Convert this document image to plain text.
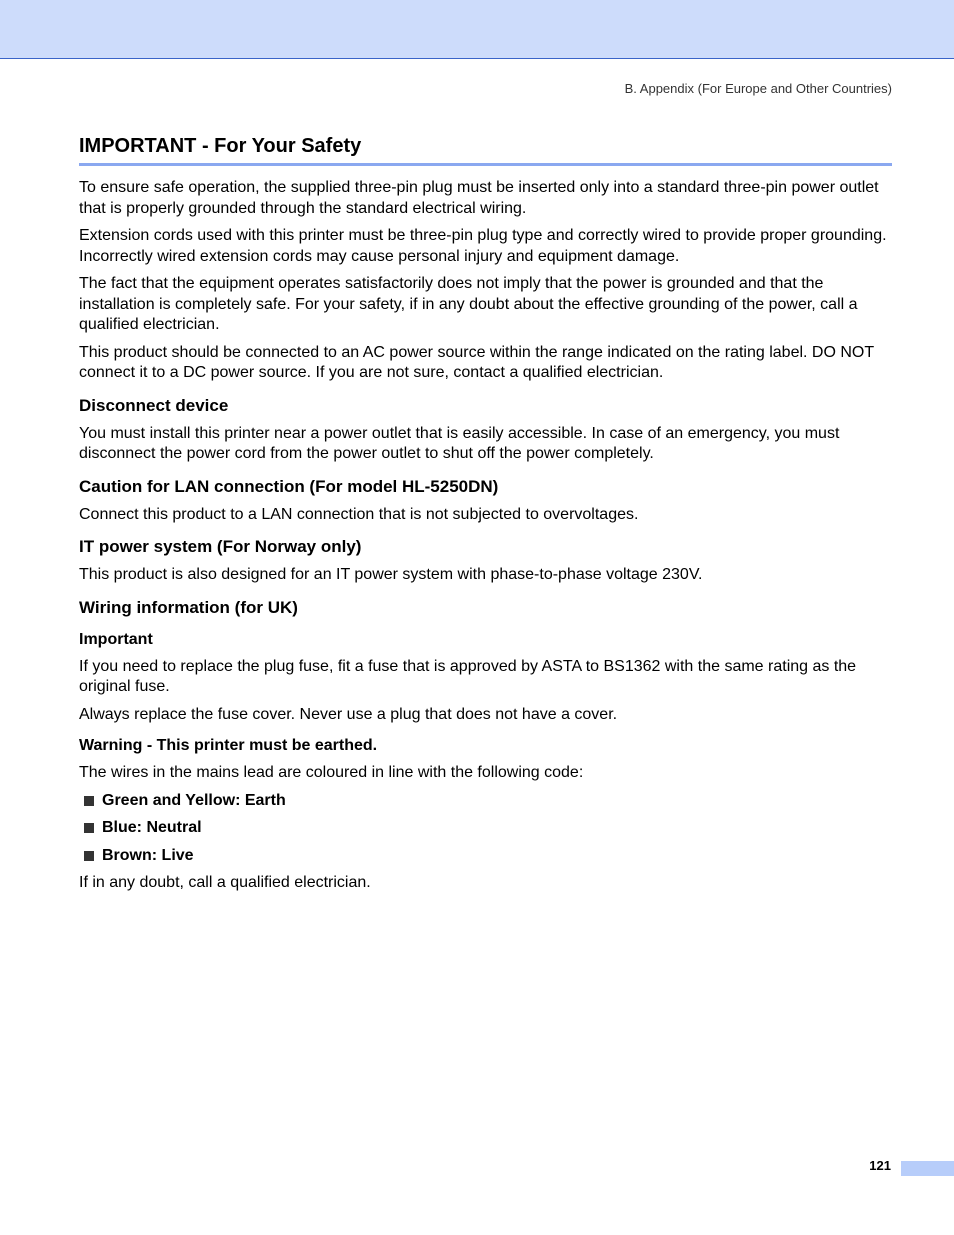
B. Appendix (For Europe and Other Countries)
IMPORTANT - For Your Safety

To ensure safe operation, the supplied three-pin plug must be inserted only into a standard three-pin power outlet that is properly grounded through the standard electrical wiring.

Extension cords used with this printer must be three-pin plug type and correctly wired to provide proper grounding. Incorrectly wired extension cords may cause personal injury and equipment damage.

The fact that the equipment operates satisfactorily does not imply that the power is grounded and that the installation is completely safe. For your safety, if in any doubt about the effective grounding of the power, call a qualified electrician.

This product should be connected to an AC power source within the range indicated on the rating label. DO NOT connect it to a DC power source. If you are not sure, contact a qualified electrician.

Disconnect device

You must install this printer near a power outlet that is easily accessible. In case of an emergency, you must disconnect the power cord from the power outlet to shut off the power completely.

Caution for LAN connection (For model HL-5250DN)

Connect this product to a LAN connection that is not subjected to overvoltages.

IT power system (For Norway only)

This product is also designed for an IT power system with phase-to-phase voltage 230V.

Wiring information (for UK)
Important

If you need to replace the plug fuse, fit a fuse that is approved by ASTA to BS1362 with the same rating as the original fuse.

Always replace the fuse cover. Never use a plug that does not have a cover.

Warning - This printer must be earthed.

The wires in the mains lead are coloured in line with the following code:

Green and Yellow: Earth
Blue: Neutral
Brown: Live

If in any doubt, call a qualified electrician.

121
